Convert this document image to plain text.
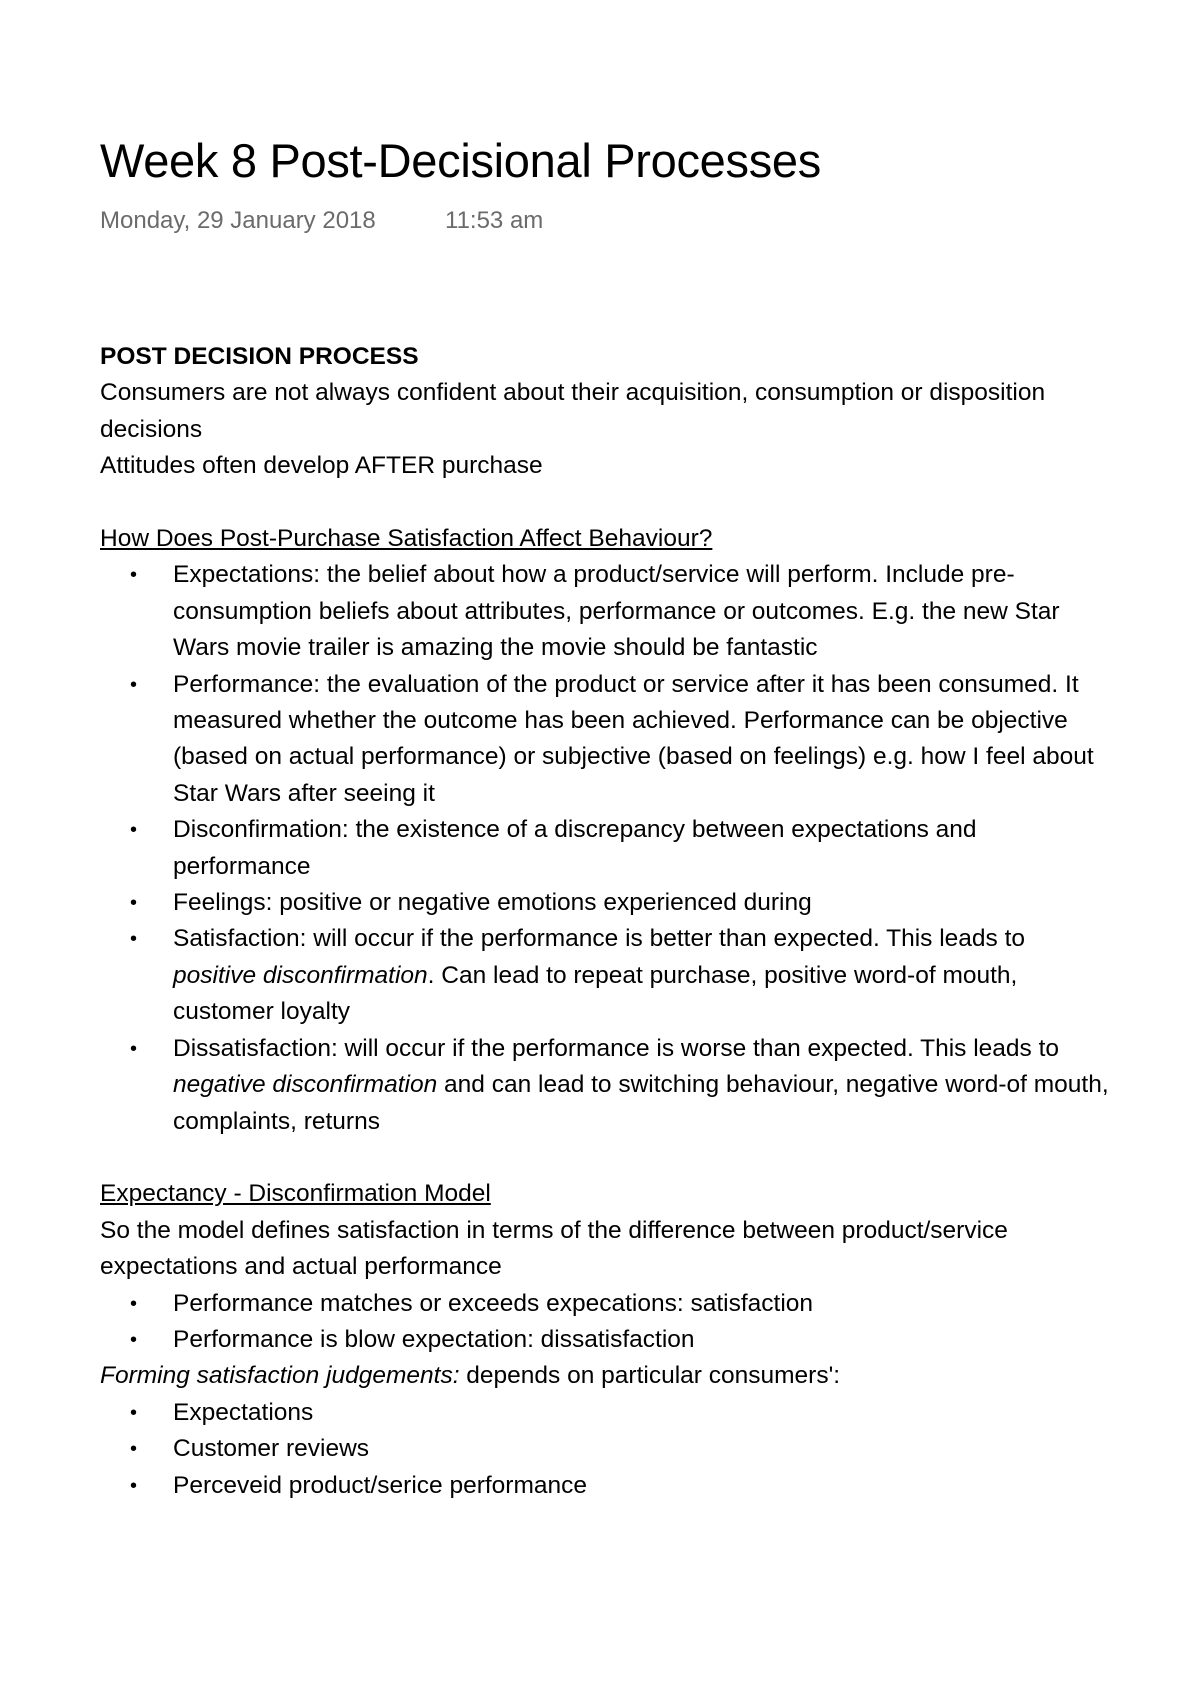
Week 8 Post-Decisional Processes
Monday, 29 January 2018	11:53 am

POST DECISION PROCESS

Consumers are not always confident about their acquisition, consumption or disposition decisions

Attitudes often develop AFTER purchase

How Does Post-Purchase Satisfaction Affect Behaviour?

• Expectations: the belief about how a product/service will perform. Include pre-consumption beliefs about attributes, performance or outcomes. E.g. the new Star Wars movie trailer is amazing the movie should be fantastic
• Performance: the evaluation of the product or service after it has been consumed. It measured whether the outcome has been achieved. Performance can be objective (based on actual performance) or subjective (based on feelings) e.g. how I feel about Star Wars after seeing it
• Disconfirmation: the existence of a discrepancy between expectations and performance
• Feelings: positive or negative emotions experienced during
• Satisfaction: will occur if the performance is better than expected. This leads to positive disconfirmation. Can lead to repeat purchase, positive word-of mouth, customer loyalty
• Dissatisfaction: will occur if the performance is worse than expected. This leads to negative disconfirmation and can lead to switching behaviour, negative word-of mouth, complaints, returns

Expectancy - Disconfirmation Model

So the model defines satisfaction in terms of the difference between product/service expectations and actual performance

• Performance matches or exceeds expecations: satisfaction
• Performance is blow expectation: dissatisfaction

Forming satisfaction judgements: depends on particular consumers':

• Expectations
• Customer reviews
• Perceveid product/serice performance
